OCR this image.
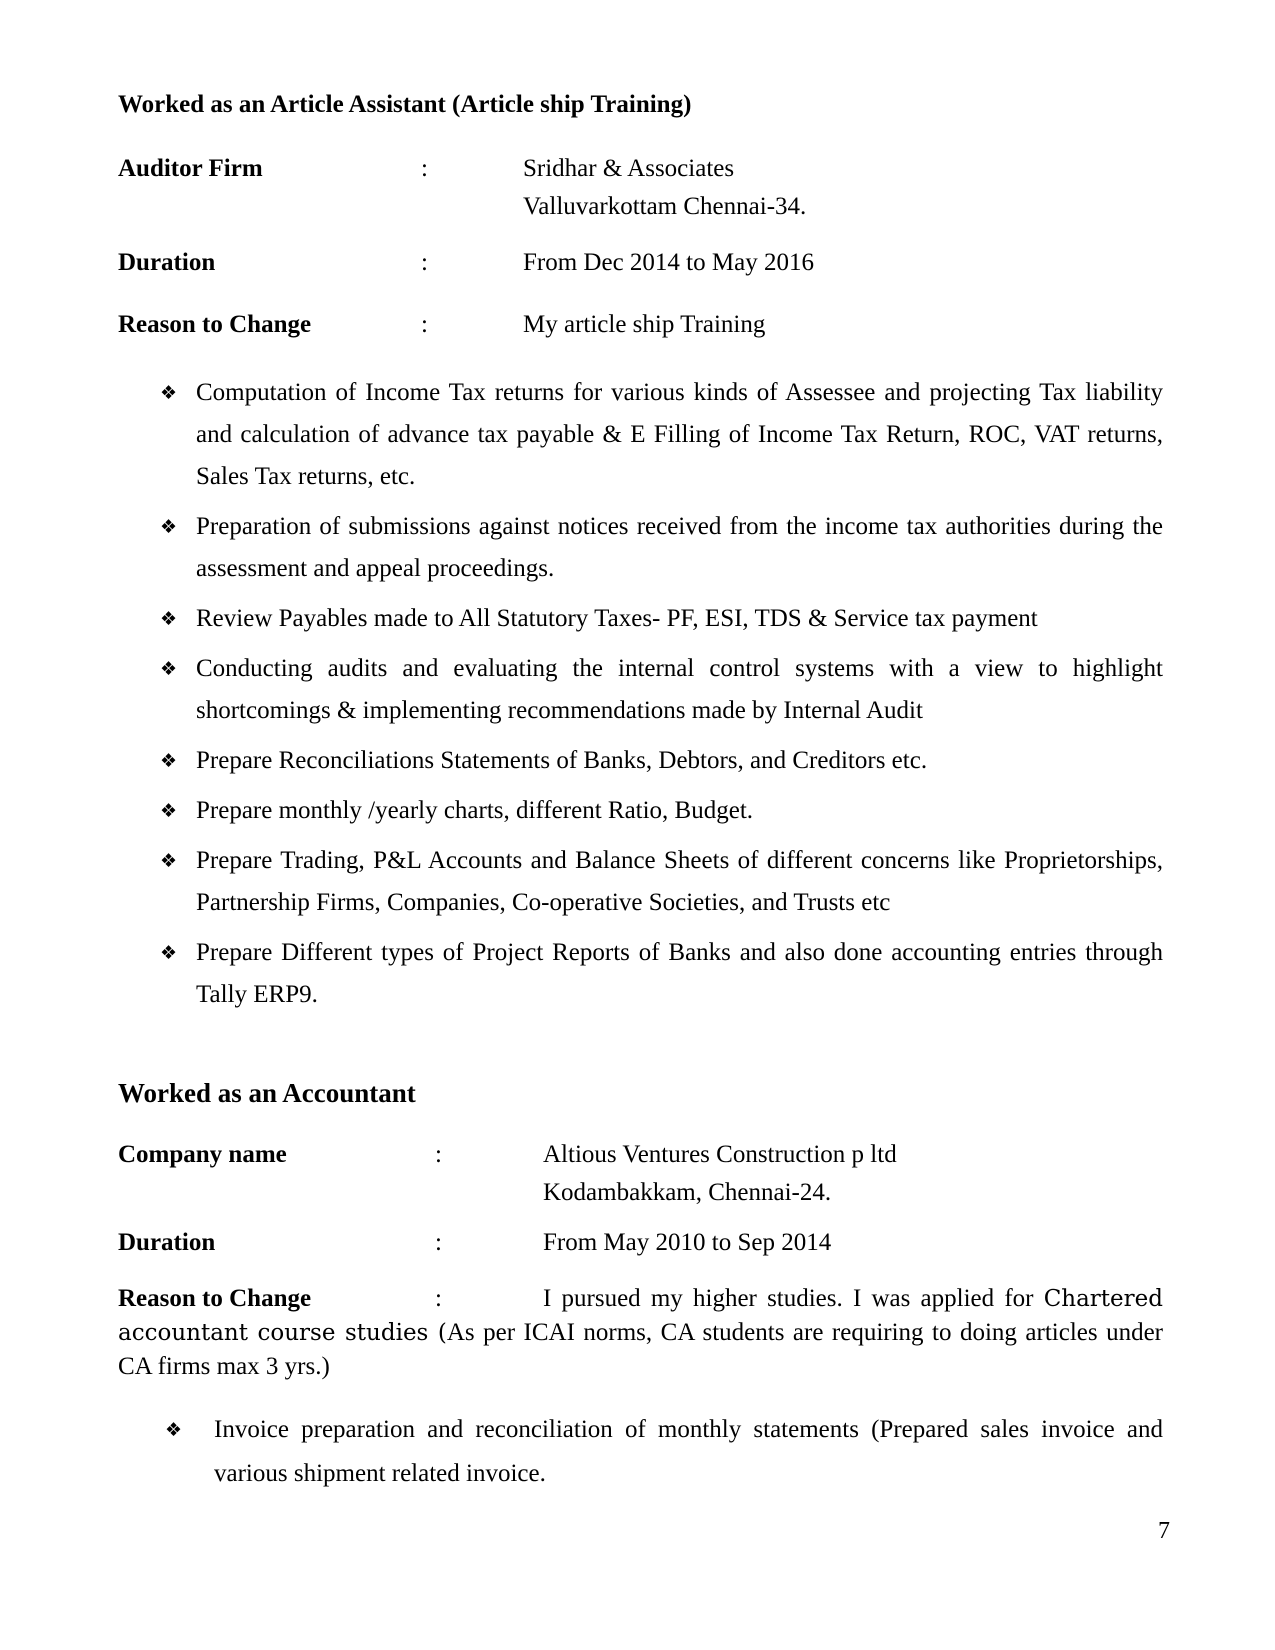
Worked as an Article Assistant (Article ship Training)
Auditor Firm	:	Sridhar & Associates
Valluvarkottam Chennai-34.
Duration	:	From Dec 2014 to May 2016
Reason to Change	:	My article ship Training
❖ Computation of Income Tax returns for various kinds of Assessee and projecting Tax liability and calculation of advance tax payable & E Filling of Income Tax Return, ROC, VAT returns, Sales Tax returns, etc.
❖ Preparation of submissions against notices received from the income tax authorities during the assessment and appeal proceedings.
❖ Review Payables made to All Statutory Taxes- PF, ESI, TDS & Service tax payment
❖ Conducting audits and evaluating the internal control systems with a view to highlight shortcomings & implementing recommendations made by Internal Audit
❖ Prepare Reconciliations Statements of Banks, Debtors, and Creditors etc.
❖ Prepare monthly /yearly charts, different Ratio, Budget.
❖ Prepare Trading, P&L Accounts and Balance Sheets of different concerns like Proprietorships, Partnership Firms, Companies, Co-operative Societies, and Trusts etc
❖ Prepare Different types of Project Reports of Banks and also done accounting entries through Tally ERP9.
Worked as an Accountant
Company name	:	Altious Ventures Construction p ltd
Kodambakkam, Chennai-24.
Duration	:	From May 2010 to Sep 2014
Reason to Change	:	I pursued my higher studies. I was applied for Chartered accountant course studies (As per ICAI norms, CA students are requiring to doing articles under CA firms max 3 yrs.)
❖	Invoice preparation and reconciliation of monthly statements (Prepared sales invoice and various shipment related invoice.
7
